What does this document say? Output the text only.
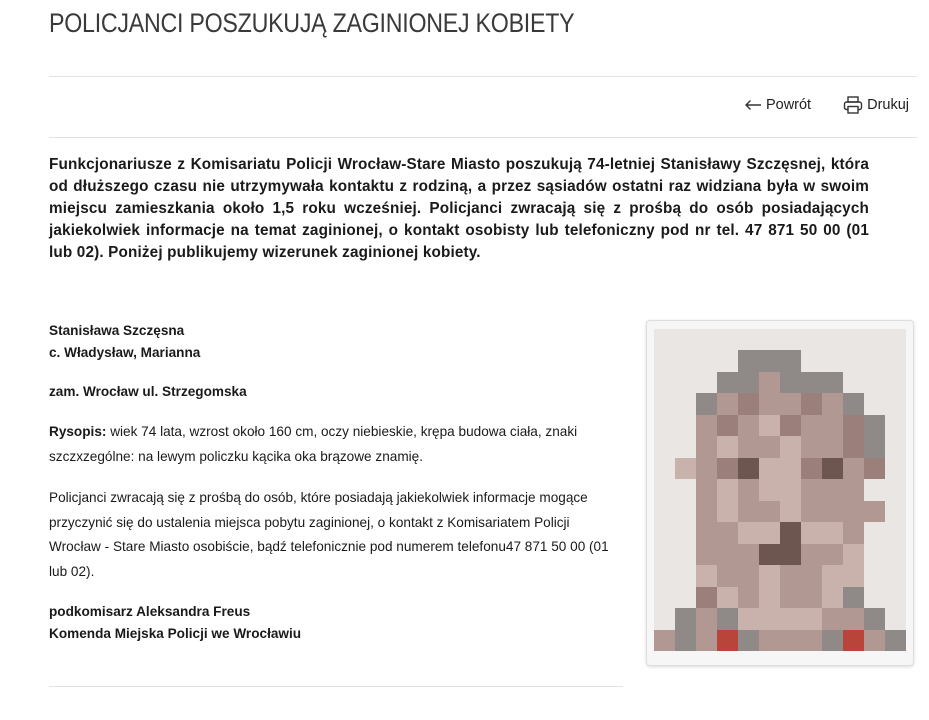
POLICJANCI POSZUKUJĄ ZAGINIONEJ KOBIETY
Powrót	Drukuj

Funkcjonariusze z Komisariatu Policji Wrocław-Stare Miasto poszukują 74-letniej Stanisławy Szczęsnej, która od dłuższego czasu nie utrzymywała kontaktu z rodziną, a przez sąsiadów ostatni raz widziana była w swoim miejscu zamieszkania około 1,5 roku wcześniej. Policjanci zwracają się z prośbą do osób posiadających jakiekolwiek informacje na temat zaginionej, o kontakt osobisty lub telefoniczny pod nr tel. 47 871 50 00 (01 lub 02). Poniżej publikujemy wizerunek zaginionej kobiety.

Stanisława Szczęsna

c. Władysław, Marianna

zam. Wrocław ul. Strzegomska

Rysopis: wiek 74 lata, wzrost około 160 cm, oczy niebieskie, krępa budowa ciała, znaki szczxzególne: na lewym policzku kącika oka brązowe znamię.

Policjanci zwracają się z prośbą do osób, które posiadają jakiekolwiek informacje mogące przyczynić się do ustalenia miejsca pobytu zaginionej, o kontakt z Komisariatem Policji Wrocław - Stare Miasto osobiście, bądź telefonicznie pod numerem telefonu47 871 50 00 (01 lub 02).

podkomisarz Aleksandra Freus

Komenda Miejska Policji we Wrocławiu
